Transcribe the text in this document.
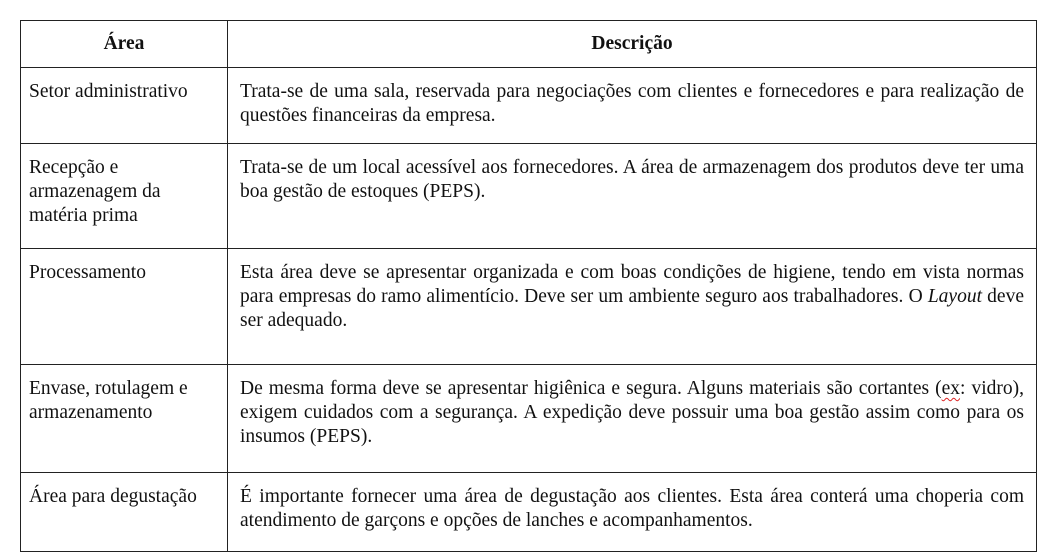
Área	Descrição
Setor administrativo	Trata-se de uma sala, reservada para negociações com clientes e fornecedores e para realização de questões financeiras da empresa.
Recepção e armazenagem da matéria prima	Trata-se de um local acessível aos fornecedores. A área de armazenagem dos produtos deve ter uma boa gestão de estoques (PEPS).
Processamento	Esta área deve se apresentar organizada e com boas condições de higiene, tendo em vista normas para empresas do ramo alimentício. Deve ser um ambiente seguro aos trabalhadores. O Layout deve ser adequado.
Envase, rotulagem e armazenamento	De mesma forma deve se apresentar higiênica e segura. Alguns materiais são cortantes (ex: vidro), exigem cuidados com a segurança. A expedição deve possuir uma boa gestão assim como para os insumos (PEPS).
Área para degustação	É importante fornecer uma área de degustação aos clientes. Esta área conterá uma choperia com atendimento de garçons e opções de lanches e acompanhamentos.
